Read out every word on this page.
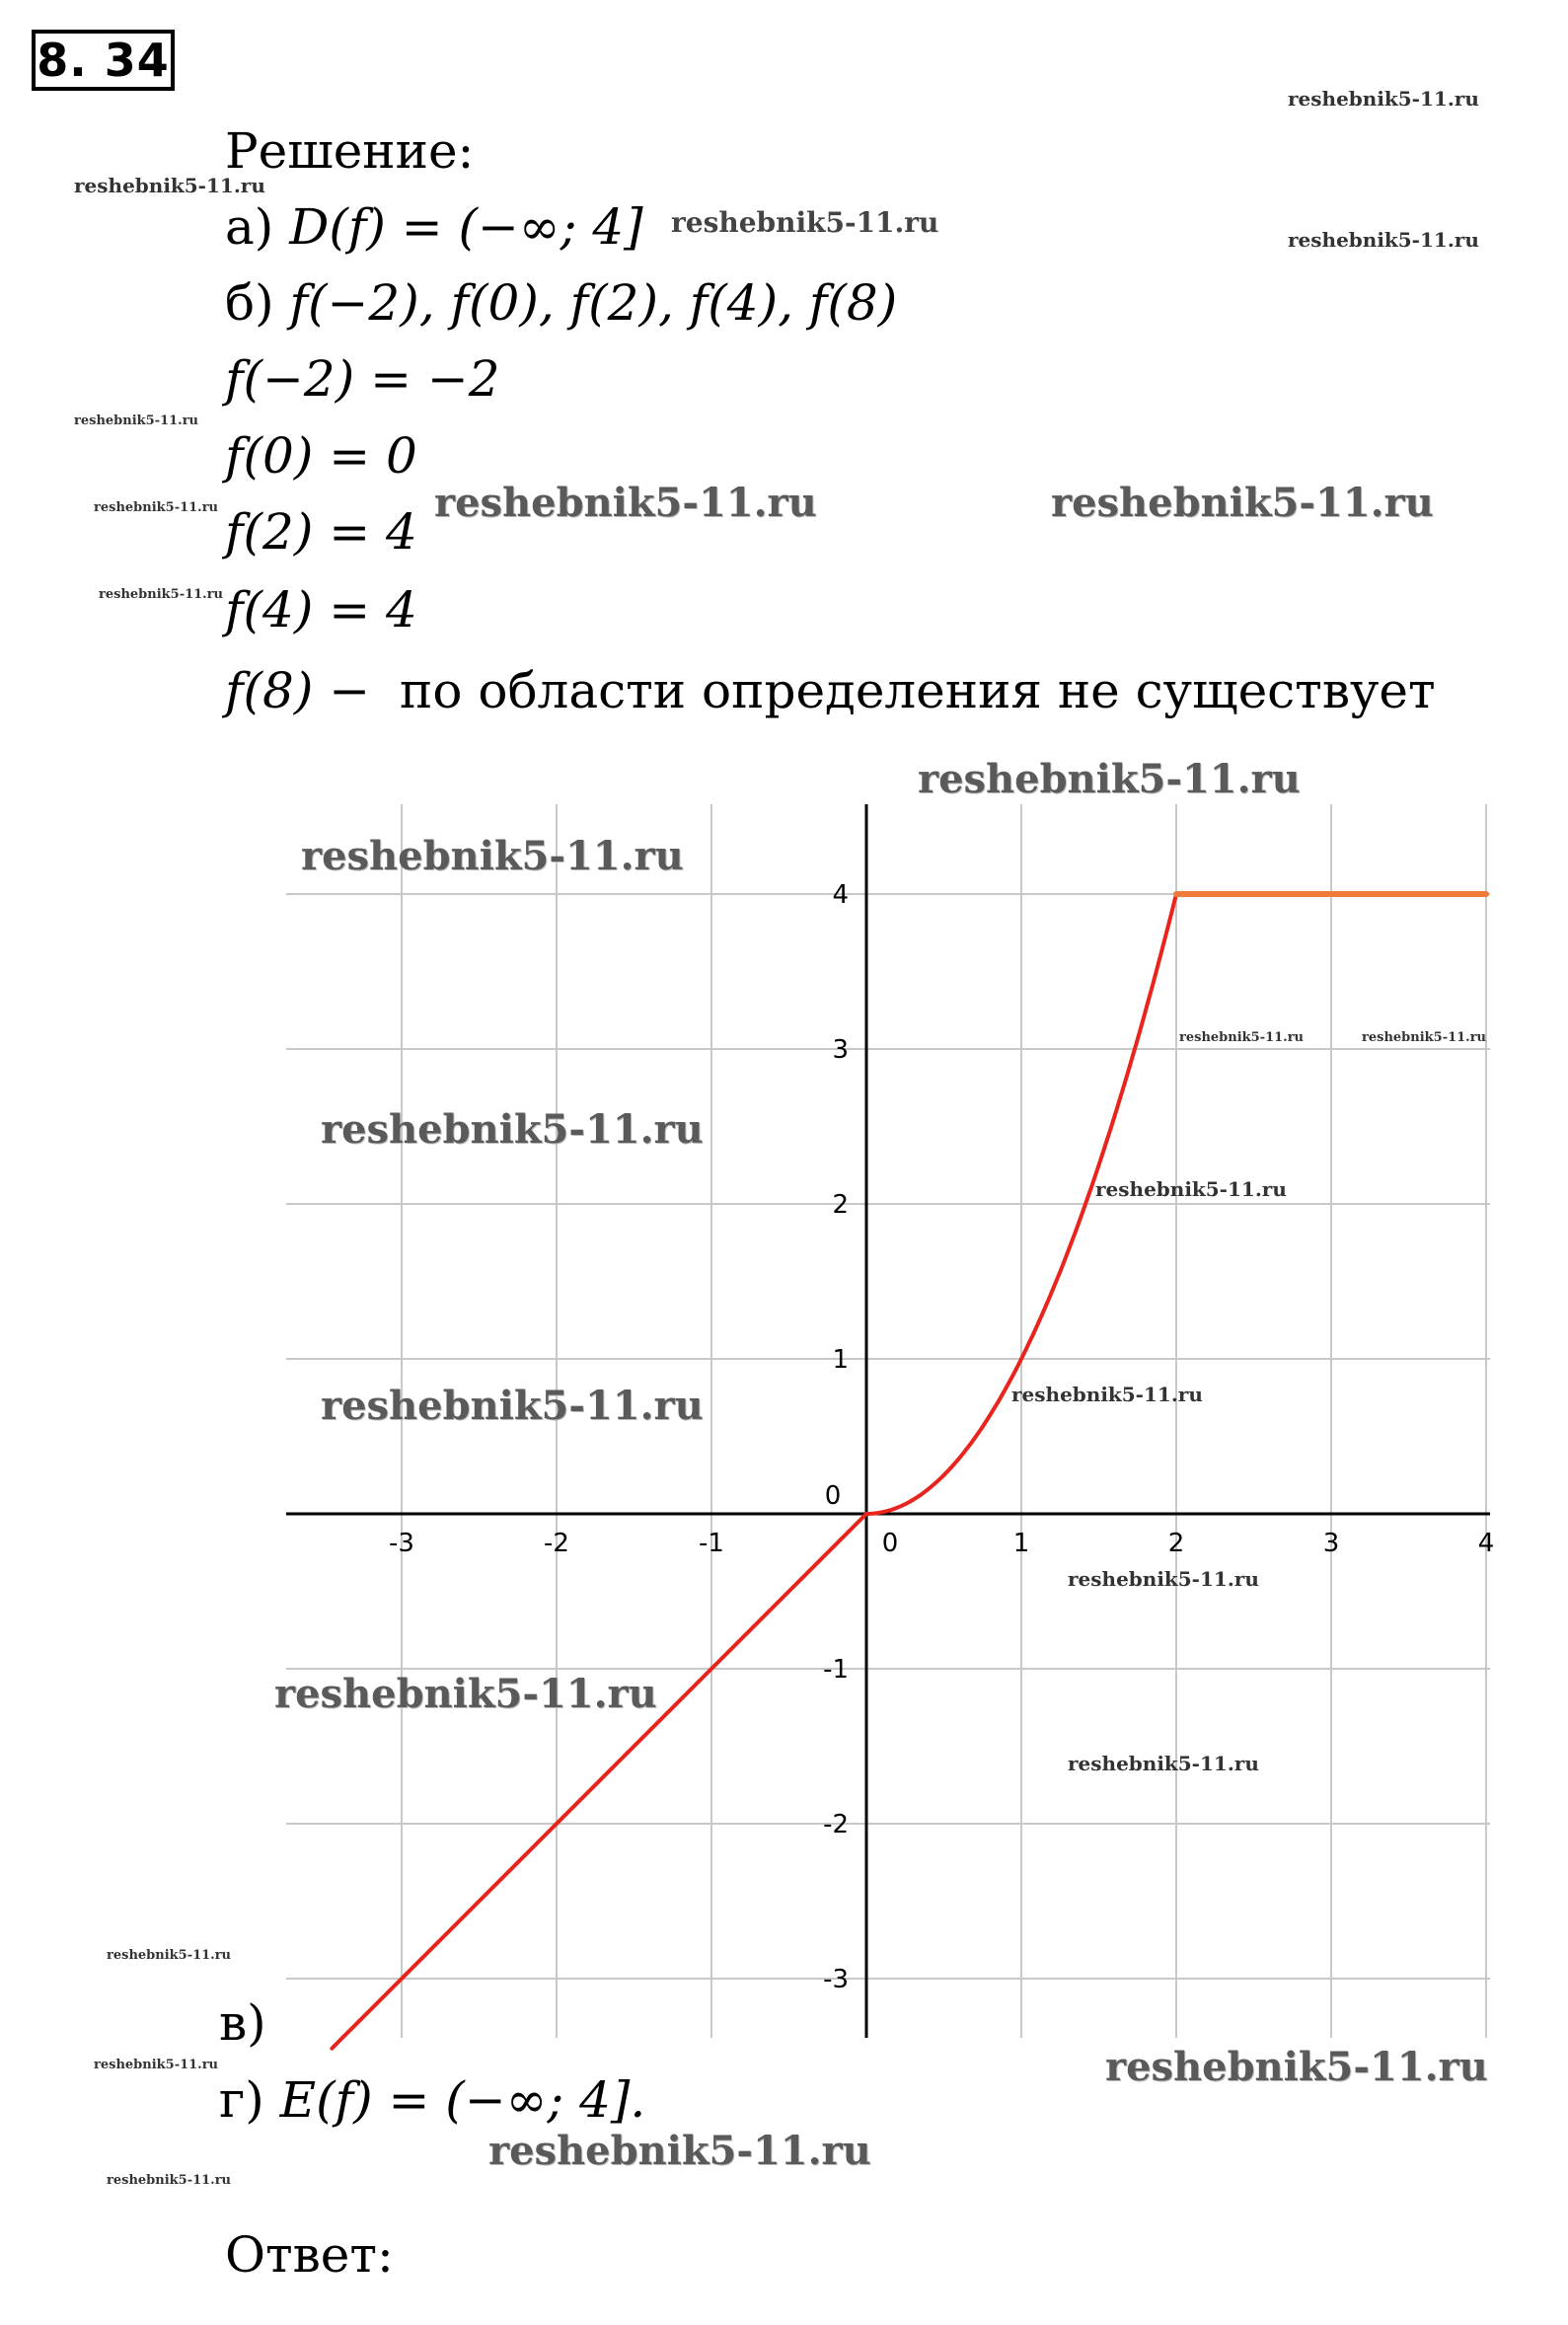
8. 34
Решение:
а) D(f) = (−∞; 4]
б) f(−2), f(0), f(2), f(4), f(8)
f(−2) = −2
f(0) = 0
f(2) = 4
f(4) = 4
f(8) − по области определения не существует
-3	-2	-1	0	1	2	3	4
-3
-2
-1
0
1
2
3
4
в)
г) E(f) = (−∞; 4].
Ответ:
reshebnik5-11.ru
reshebnik5-11.ru
reshebnik5-11.ru
reshebnik5-11.ru
reshebnik5-11.ru
reshebnik5-11.ru	reshebnik5-11.ru
reshebnik5-11.ru
reshebnik5-11.ru
reshebnik5-11.ru
reshebnik5-11.ru
reshebnik5-11.ru	reshebnik5-11.ru
reshebnik5-11.ru
reshebnik5-11.ru
reshebnik5-11.ru	reshebnik5-11.ru
reshebnik5-11.ru
reshebnik5-11.ru
reshebnik5-11.ru
reshebnik5-11.ru
reshebnik5-11.ru
reshebnik5-11.ru
reshebnik5-11.ru
reshebnik5-11.ru
